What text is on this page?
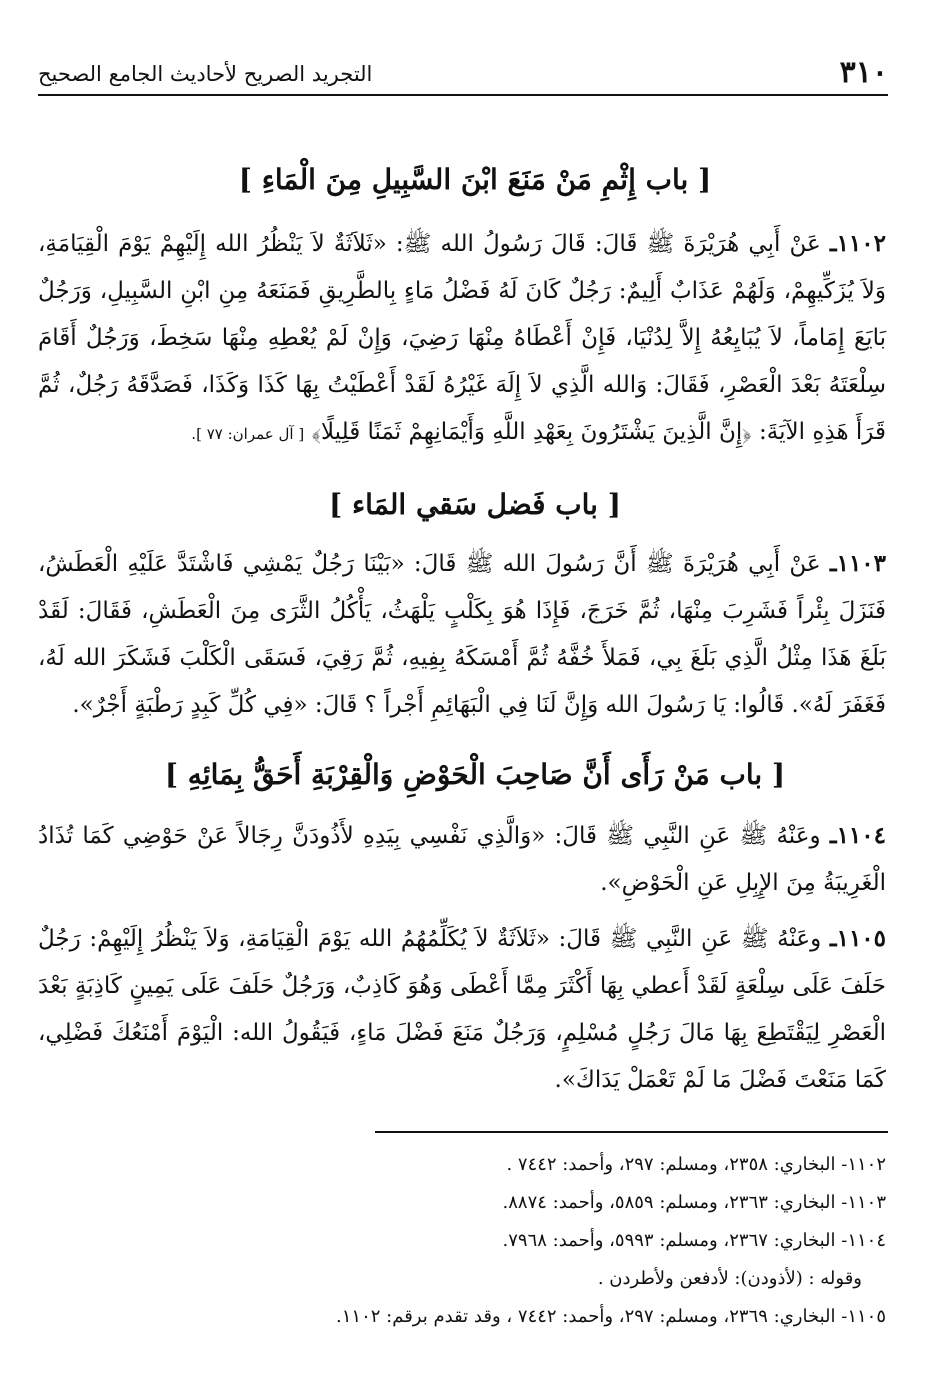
٣١٠
التجريد الصريح لأحاديث الجامع الصحيح
[ باب إِثْمِ مَنْ مَنَعَ ابْنَ السَّبِيلِ مِنَ الْمَاءِ ]
١١٠٢ـ عَنْ أَبِي هُرَيْرَةَ ﷺ قَالَ: قَالَ رَسُولُ الله ﷺ: «ثَلاَثَةٌ لاَ يَنْظُرُ الله إِلَيْهِمْ يَوْمَ الْقِيَامَةِ، وَلاَ يُزَكِّيهِمْ، وَلَهُمْ عَذَابٌ أَلِيمٌ: رَجُلٌ كَانَ لَهُ فَضْلُ مَاءٍ بِالطَّرِيقِ فَمَنَعَهُ مِنِ ابْنِ السَّبِيلِ، وَرَجُلٌ بَايَعَ إِمَاماً، لاَ يُبَايِعُهُ إِلاَّ لِدُنْيَا، فَإِنْ أَعْطَاهُ مِنْهَا رَضِيَ، وَإِنْ لَمْ يُعْطِهِ مِنْهَا سَخِطَ، وَرَجُلٌ أَقَامَ سِلْعَتَهُ بَعْدَ الْعَصْرِ، فَقَالَ: وَالله الَّذِي لاَ إِلَهَ غَيْرُهُ لَقَدْ أَعْطَيْتُ بِهَا كَذَا وَكَذَا، فَصَدَّقَهُ رَجُلٌ، ثُمَّ قَرَأَ هَذِهِ الآيَةَ: ﴿إِنَّ الَّذِينَ يَشْتَرُونَ بِعَهْدِ اللَّهِ وَأَيْمَانِهِمْ ثَمَنًا قَلِيلًا﴾ [ آل عمران: ٧٧ ].
[ باب فَضل سَقي المَاء ]
١١٠٣ـ عَنْ أَبِي هُرَيْرَةَ ﷺ أَنَّ رَسُولَ الله ﷺ قَالَ: «بَيْنَا رَجُلٌ يَمْشِي فَاشْتَدَّ عَلَيْهِ الْعَطَشُ، فَنَزَلَ بِئْراً فَشَرِبَ مِنْهَا، ثُمَّ خَرَجَ، فَإِذَا هُوَ بِكَلْبٍ يَلْهَثُ، يَأْكُلُ الثَّرَى مِنَ الْعَطَشِ، فَقَالَ: لَقَدْ بَلَغَ هَذَا مِثْلُ الَّذِي بَلَغَ بِي، فَمَلأَ خُفَّهُ ثُمَّ أَمْسَكَهُ بِفِيهِ، ثُمَّ رَقِيَ، فَسَقَى الْكَلْبَ فَشَكَرَ الله لَهُ، فَغَفَرَ لَهُ». قَالُوا: يَا رَسُولَ الله وَإِنَّ لَنَا فِي الْبَهَائِمِ أَجْراً ؟ قَالَ: «فِي كُلِّ كَبِدٍ رَطْبَةٍ أَجْرٌ».
[ باب مَنْ رَأَى أَنَّ صَاحِبَ الْحَوْضِ وَالْقِرْبَةِ أَحَقُّ بِمَائِهِ ]
١١٠٤ـ وعَنْهُ ﷺ عَنِ النَّبِي ﷺ قَالَ: «وَالَّذِي نَفْسِي بِيَدِهِ لأَذُودَنَّ رِجَالاً عَنْ حَوْضِي كَمَا تُذَادُ الْغَرِيبَةُ مِنَ الإِبِلِ عَنِ الْحَوْضِ».
١١٠٥ـ وعَنْهُ ﷺ عَنِ النَّبِي ﷺ قَالَ: «ثَلاَثَةٌ لاَ يُكَلِّمُهُمُ الله يَوْمَ الْقِيَامَةِ، وَلاَ يَنْظُرُ إِلَيْهِمْ: رَجُلٌ حَلَفَ عَلَى سِلْعَةٍ لَقَدْ أَعطي بِهَا أَكْثَرَ مِمَّا أَعْطَى وَهُوَ كَاذِبٌ، وَرَجُلٌ حَلَفَ عَلَى يَمِينٍ كَاذِبَةٍ بَعْدَ الْعَصْرِ لِيَقْتَطِعَ بِهَا مَالَ رَجُلٍ مُسْلِمٍ، وَرَجُلٌ مَنَعَ فَضْلَ مَاءٍ، فَيَقُولُ الله: الْيَوْمَ أَمْنَعُكَ فَضْلِي، كَمَا مَنَعْتَ فَضْلَ مَا لَمْ تَعْمَلْ يَدَاكَ».
١١٠٢- البخاري: ٢٣٥٨، ومسلم: ٢٩٧، وأحمد: ٧٤٤٢ .
١١٠٣- البخاري: ٢٣٦٣، ومسلم: ٥٨٥٩، وأحمد: ٨٨٧٤.
١١٠٤- البخاري: ٢٣٦٧، ومسلم: ٥٩٩٣، وأحمد: ٧٩٦٨.
وقوله : (لأذودن): لأدفعن ولأطردن .
١١٠٥- البخاري: ٢٣٦٩، ومسلم: ٢٩٧، وأحمد: ٧٤٤٢ ، وقد تقدم برقم: ١١٠٢.
